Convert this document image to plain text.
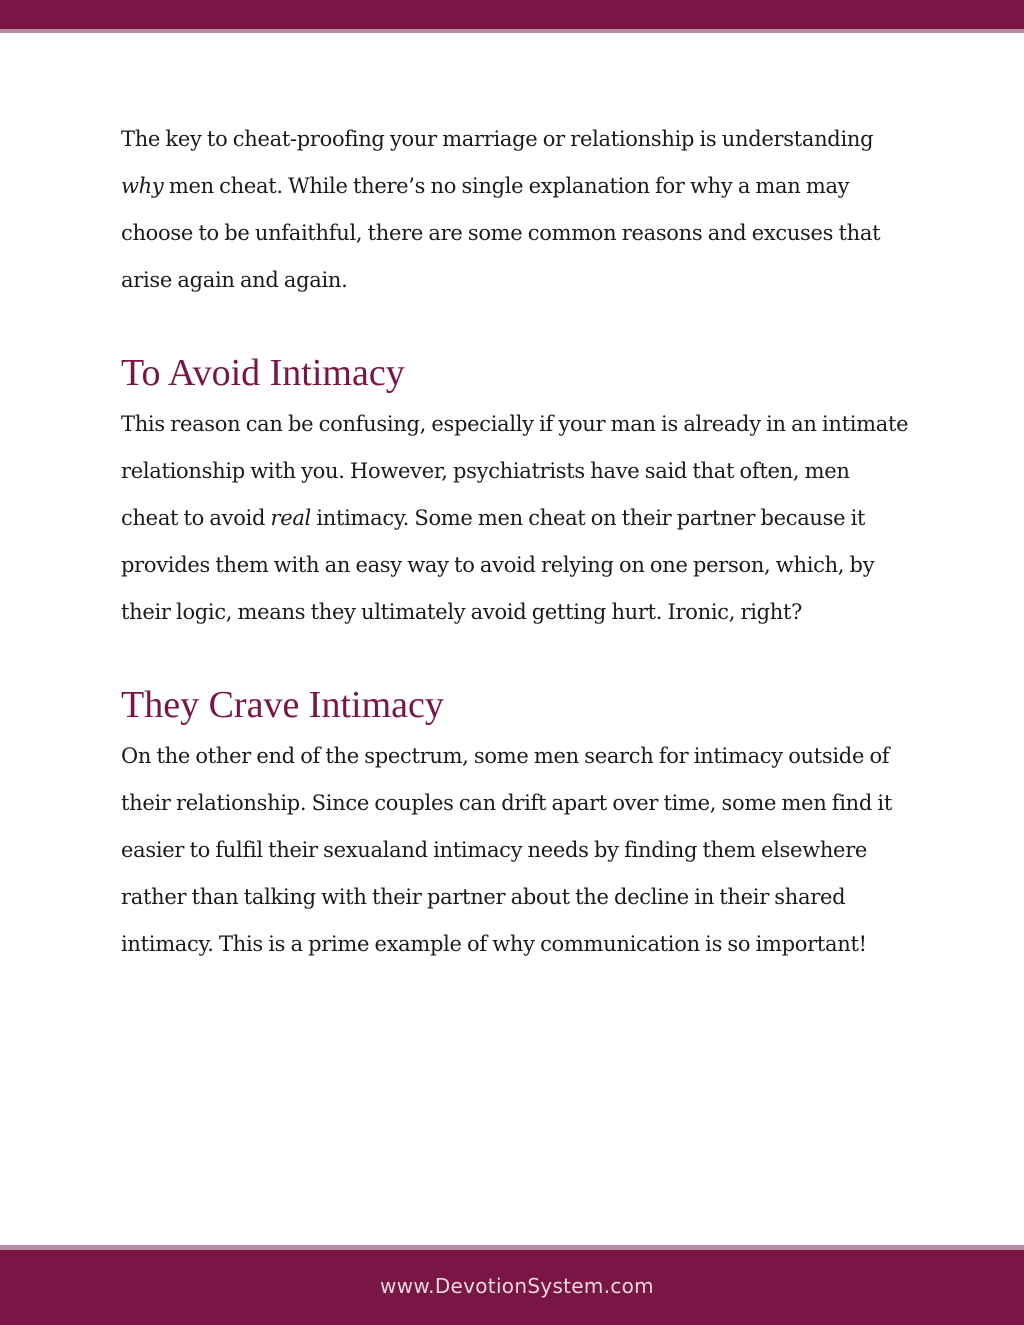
The key to cheat-proofing your marriage or relationship is understanding why men cheat. While there’s no single explanation for why a man may choose to be unfaithful, there are some common reasons and excuses that arise again and again.

To Avoid Intimacy

This reason can be confusing, especially if your man is already in an intimate relationship with you. However, psychiatrists have said that often, men cheat to avoid real intimacy. Some men cheat on their partner because it provides them with an easy way to avoid relying on one person, which, by their logic, means they ultimately avoid getting hurt. Ironic, right?

They Crave Intimacy

On the other end of the spectrum, some men search for intimacy outside of their relationship. Since couples can drift apart over time, some men find it easier to fulfil their sexualand intimacy needs by finding them elsewhere rather than talking with their partner about the decline in their shared intimacy. This is a prime example of why communication is so important!

www.DevotionSystem.com
